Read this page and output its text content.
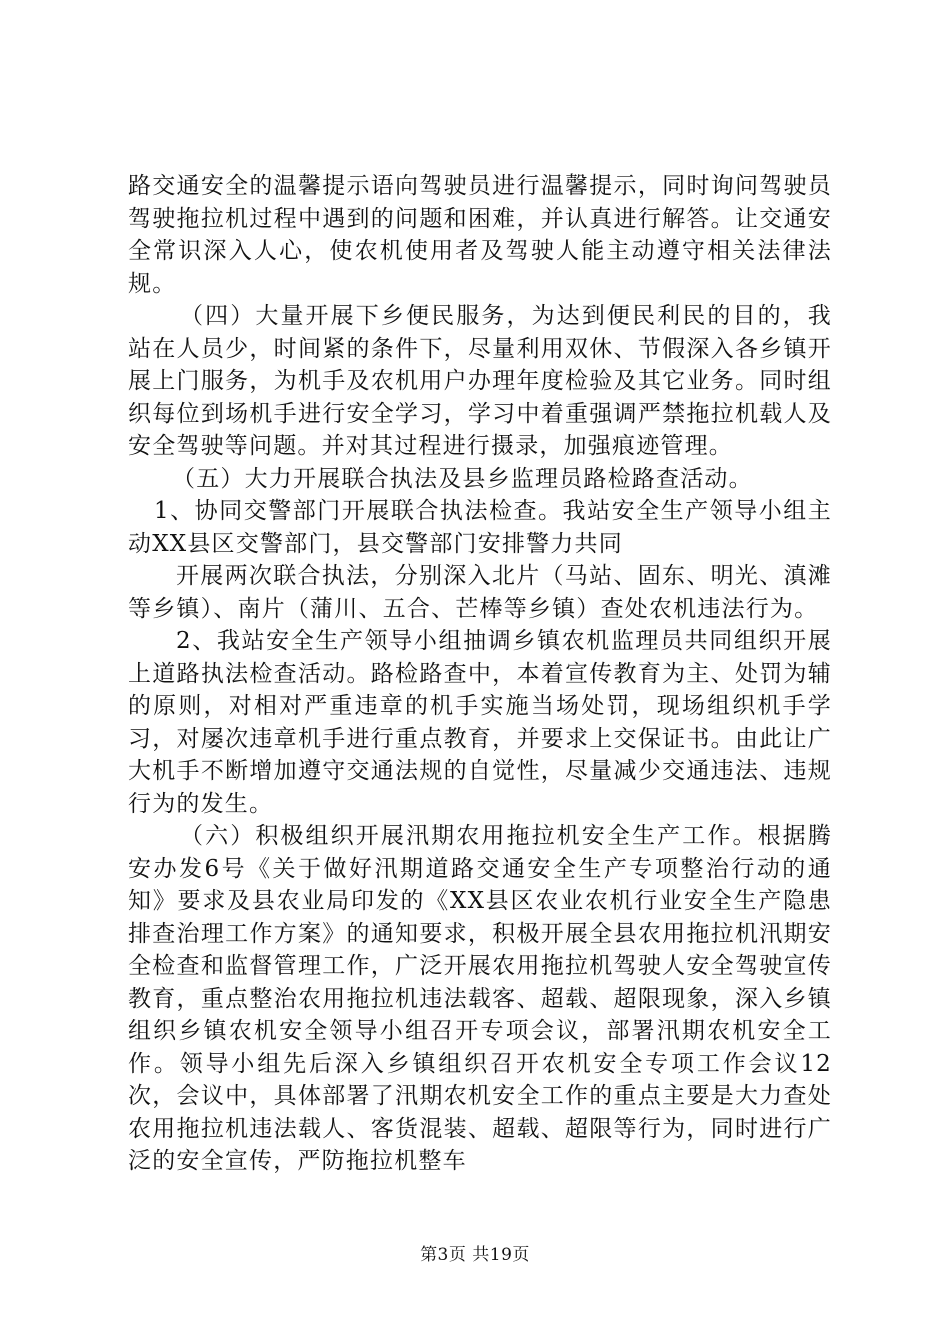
路交通安全的温馨提示语向驾驶员进行温馨提示，同时询问驾驶员驾驶拖拉机过程中遇到的问题和困难，并认真进行解答。让交通安全常识深入人心，使农机使用者及驾驶人能主动遵守相关法律法规。

（四）大量开展下乡便民服务，为达到便民利民的目的，我站在人员少，时间紧的条件下，尽量利用双休、节假深入各乡镇开展上门服务，为机手及农机用户办理年度检验及其它业务。同时组织每位到场机手进行安全学习，学习中着重强调严禁拖拉机载人及安全驾驶等问题。并对其过程进行摄录，加强痕迹管理。

（五）大力开展联合执法及县乡监理员路检路查活动。

1、协同交警部门开展联合执法检查。我站安全生产领导小组主动XX县区交警部门，县交警部门安排警力共同

开展两次联合执法，分别深入北片（马站、固东、明光、滇滩等乡镇）、南片（蒲川、五合、芒棒等乡镇）查处农机违法行为。

2、我站安全生产领导小组抽调乡镇农机监理员共同组织开展上道路执法检查活动。路检路查中，本着宣传教育为主、处罚为辅的原则，对相对严重违章的机手实施当场处罚，现场组织机手学习，对屡次违章机手进行重点教育，并要求上交保证书。由此让广大机手不断增加遵守交通法规的自觉性，尽量减少交通违法、违规行为的发生。

（六）积极组织开展汛期农用拖拉机安全生产工作。根据腾安办发6号《关于做好汛期道路交通安全生产专项整治行动的通知》要求及县农业局印发的《XX县区农业农机行业安全生产隐患排查治理工作方案》的通知要求，积极开展全县农用拖拉机汛期安全检查和监督管理工作，广泛开展农用拖拉机驾驶人安全驾驶宣传教育，重点整治农用拖拉机违法载客、超载、超限现象，深入乡镇组织乡镇农机安全领导小组召开专项会议，部署汛期农机安全工作。领导小组先后深入乡镇组织召开农机安全专项工作会议12次，会议中，具体部署了汛期农机安全工作的重点主要是大力查处农用拖拉机违法载人、客货混装、超载、超限等行为，同时进行广泛的安全宣传，严防拖拉机整车

第3页 共19页
